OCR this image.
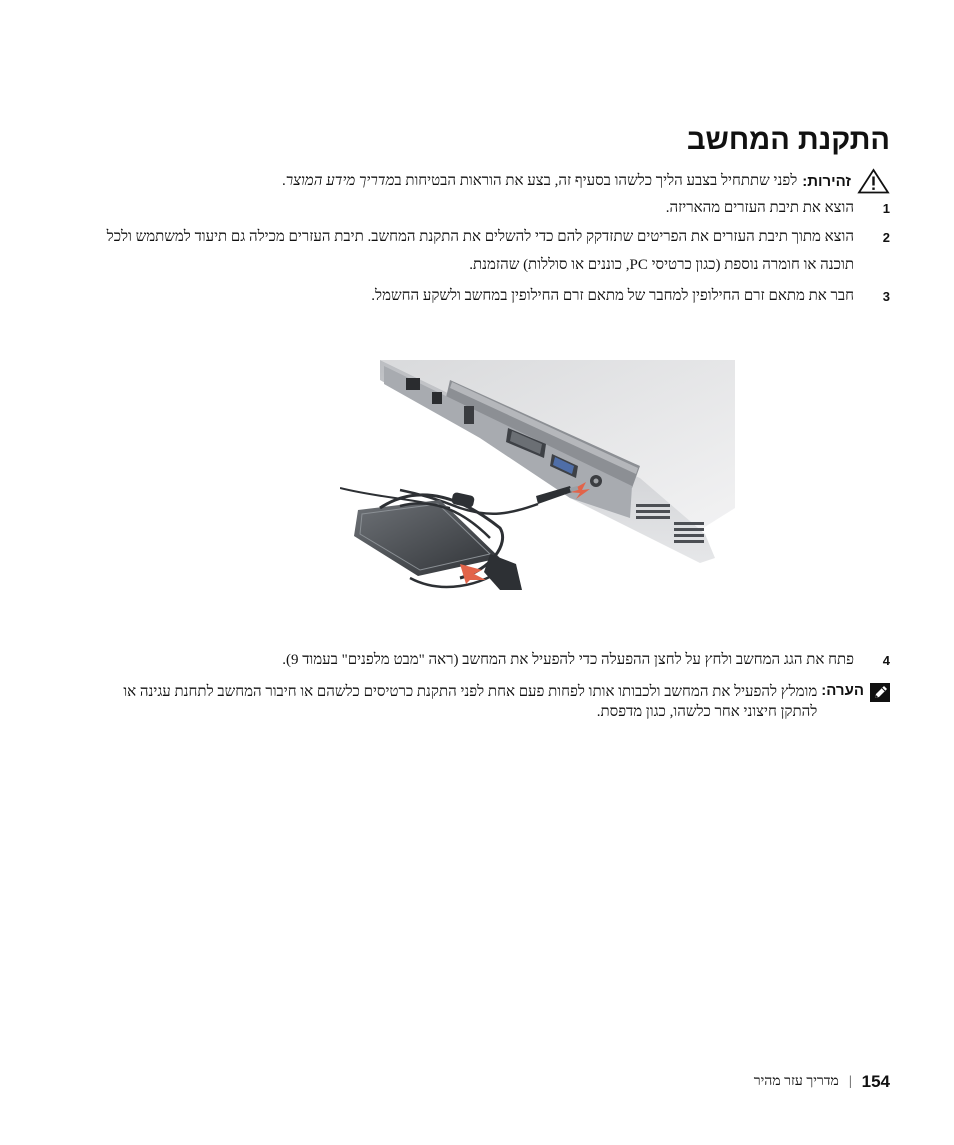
התקנת המחשב
זהירות:
לפני שתתחיל בצבע הליך כלשהו בסעיף זה, בצע את הוראות הבטיחות במדריך מידע המוצר.
1
הוצא את תיבת העזרים מהאריזה.
2
הוצא מתוך תיבת העזרים את הפריטים שתזדקק להם כדי להשלים את התקנת המחשב. תיבת העזרים מכילה גם תיעוד למשתמש ולכל תוכנה או חומרה נוספת (כגון כרטיסי PC, כוננים או סוללות) שהזמנת.
3
חבר את מתאם זרם החילופין למחבר של מתאם זרם החילופין במחשב ולשקע החשמל.
4
פתח את הגג המחשב ולחץ על לחצן ההפעלה כדי להפעיל את המחשב (ראה "מבט מלפנים" בעמוד 9).
הערה:
מומלץ להפעיל את המחשב ולכבותו אותו לפחות פעם אחת לפני התקנת כרטיסים כלשהם או חיבור המחשב לתחנת עגינה או להתקן חיצוני אחר כלשהו, כגון מדפסת.
154
|
מדריך עזר מהיר
